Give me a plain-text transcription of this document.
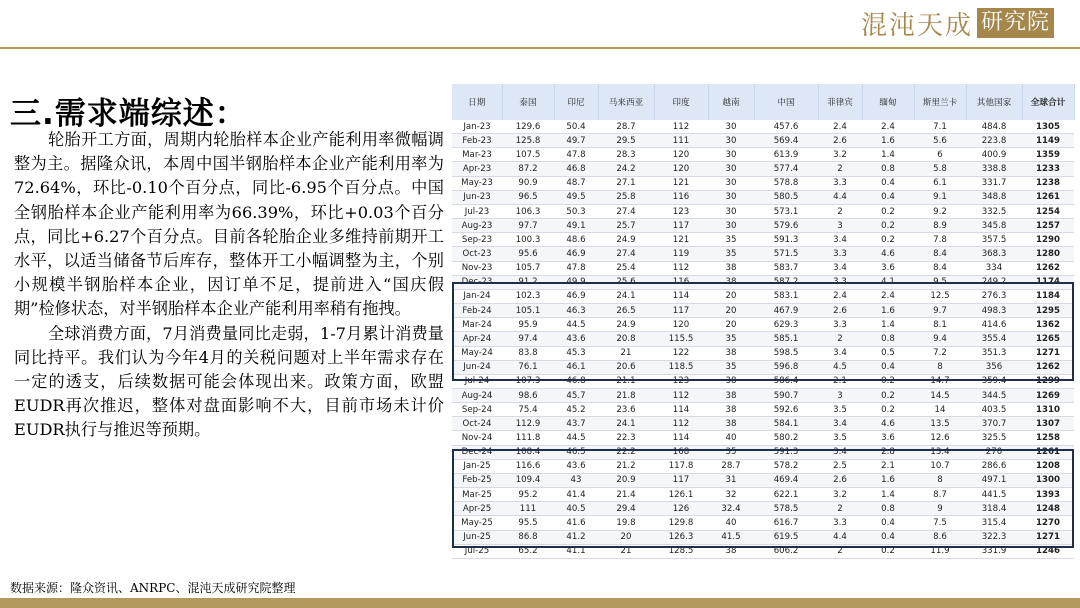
混沌天成 研究院
三.需求端综述：

轮胎开工方面，周期内轮胎样本企业产能利用率微幅调整为主。据隆众讯，本周中国半钢胎样本企业产能利用率为72.64%，环比-0.10个百分点，同比-6.95个百分点。中国全钢胎样本企业产能利用率为66.39%，环比+0.03个百分点，同比+6.27个百分点。目前各轮胎企业多维持前期开工水平，以适当储备节后库存，整体开工小幅调整为主，个别小规模半钢胎样本企业，因订单不足，提前进入“国庆假期”检修状态，对半钢胎样本企业产能利用率稍有拖拽。

全球消费方面，7月消费量同比走弱，1-7月累计消费量同比持平。我们认为今年4月的关税问题对上半年需求存在一定的透支，后续数据可能会体现出来。政策方面，欧盟EUDR再次推迟，整体对盘面影响不大，目前市场未计价EUDR执行与推迟等预期。

日期	泰国	印尼	马来西亚	印度	越南	中国	菲律宾	缅甸	斯里兰卡	其他国家	全球合计
Jan-23	129.6	50.4	28.7	112	30	457.6	2.4	2.4	7.1	484.8	1305
Feb-23	125.8	49.7	29.5	111	30	569.4	2.6	1.6	5.6	223.8	1149
Mar-23	107.5	47.8	28.3	120	30	613.9	3.2	1.4	6	400.9	1359
Apr-23	87.2	46.8	24.2	120	30	577.4	2	0.8	5.8	338.8	1233
May-23	90.9	48.7	27.1	121	30	578.8	3.3	0.4	6.1	331.7	1238
Jun-23	96.5	49.5	25.8	116	30	580.5	4.4	0.4	9.1	348.8	1261
Jul-23	106.3	50.3	27.4	123	30	573.1	2	0.2	9.2	332.5	1254
Aug-23	97.7	49.1	25.7	117	30	579.6	3	0.2	8.9	345.8	1257
Sep-23	100.3	48.6	24.9	121	35	591.3	3.4	0.2	7.8	357.5	1290
Oct-23	95.6	46.9	27.4	119	35	571.5	3.3	4.6	8.4	368.3	1280
Nov-23	105.7	47.8	25.4	112	38	583.7	3.4	3.6	8.4	334	1262
Dec-23	91.2	49.9	25.6	116	38	587.2	3.3	4.1	9.5	249.2	1174
Jan-24	102.3	46.9	24.1	114	20	583.1	2.4	2.4	12.5	276.3	1184
Feb-24	105.1	46.3	26.5	117	20	467.9	2.6	1.6	9.7	498.3	1295
Mar-24	95.9	44.5	24.9	120	20	629.3	3.3	1.4	8.1	414.6	1362
Apr-24	97.4	43.6	20.8	115.5	35	585.1	2	0.8	9.4	355.4	1265
May-24	83.8	45.3	21	122	38	598.5	3.4	0.5	7.2	351.3	1271
Jun-24	76.1	46.1	20.6	118.5	35	596.8	4.5	0.4	8	356	1262
Jul-24	107.3	46.8	21.1	123	38	586.4	2.1	0.2	14.7	359.4	1299
Aug-24	98.6	45.7	21.8	112	38	590.7	3	0.2	14.5	344.5	1269
Sep-24	75.4	45.2	23.6	114	38	592.6	3.5	0.2	14	403.5	1310
Oct-24	112.9	43.7	24.1	112	38	584.1	3.4	4.6	13.5	370.7	1307
Nov-24	111.8	44.5	22.3	114	40	580.2	3.5	3.6	12.6	325.5	1258
Dec-24	108.4	46.5	22.2	168	35	591.3	3.4	2.8	13.4	270	1261
Jan-25	116.6	43.6	21.2	117.8	28.7	578.2	2.5	2.1	10.7	286.6	1208
Feb-25	109.4	43	20.9	117	31	469.4	2.6	1.6	8	497.1	1300
Mar-25	95.2	41.4	21.4	126.1	32	622.1	3.2	1.4	8.7	441.5	1393
Apr-25	111	40.5	29.4	126	32.4	578.5	2	0.8	9	318.4	1248
May-25	95.5	41.6	19.8	129.8	40	616.7	3.3	0.4	7.5	315.4	1270
Jun-25	86.8	41.2	20	126.3	41.5	619.5	4.4	0.4	8.6	322.3	1271
Jul-25	65.2	41.1	21	128.5	38	606.2	2	0.2	11.9	331.9	1246
数据来源：隆众资讯、ANRPC、混沌天成研究院整理
